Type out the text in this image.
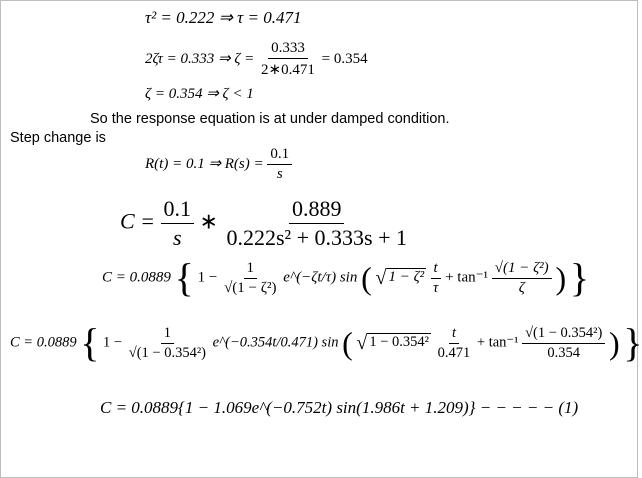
τ² = 0.222 ⇒ τ = 0.471
2ζτ = 0.333 ⇒ $\zeta = \frac{0.333}{2∗0.471} = 0.354$
ζ = 0.354 ⇒ ζ < 1
So the response equation is at under damped condition.
Step change is
R(t) = 0.1 ⇒ $R(s) = \frac{0.1}{s}$
$C = \frac{0.1}{s}$ ∗ $\frac{0.889}{\text{0.222s² + 0.333s + 1}}$
C = 0.0889 { $1 - \frac{1}{\text{√(1 − ζ²)}}$ e^(−ζt/τ) sin ( √ 1 − ζ²
$\frac{t}{\tau} + \tan^{-1} \frac{\text{√(1 − ζ²)}}{\zeta}$ ) }
C = 0.0889 { $1 - \frac{1}{\text{√(1 − 0.354²)}}$ e^(−0.354t/0.471) sin ( √ 1 − 0.354²
$\frac{t}{0.471} + \tan^{-1} \frac{\text{√(1 − 0.354²)}}{0.354}$ ) }
C = 0.0889{1 − 1.069e^(−0.752t) sin(1.986t + 1.209)} − − − − − (1)
